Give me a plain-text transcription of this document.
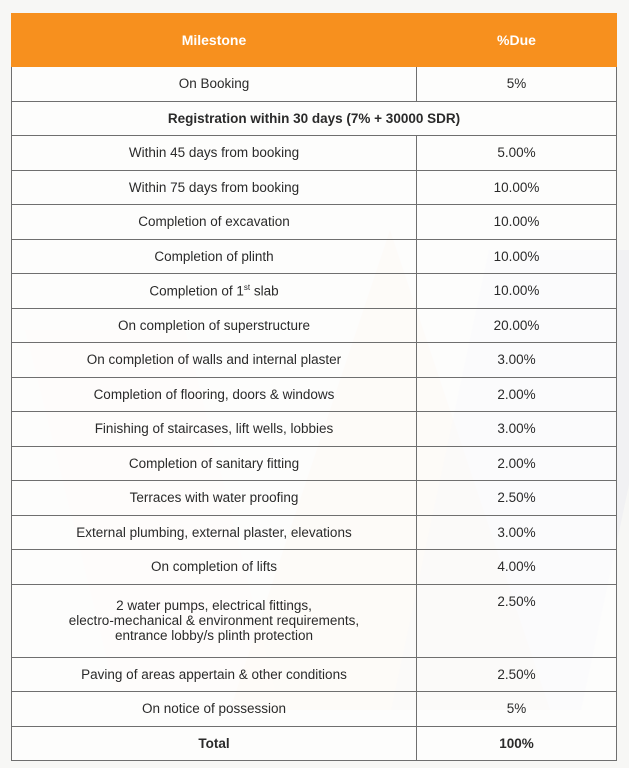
Milestone	%Due
On Booking	5%
Registration within 30 days (7% + 30000 SDR)	
Within 45 days from booking	5.00%
Within 75 days from booking	10.00%
Completion of excavation	10.00%
Completion of plinth	10.00%
Completion of 1st slab	10.00%
On completion of superstructure	20.00%
On completion of walls and internal plaster	3.00%
Completion of flooring, doors & windows	2.00%
Finishing of staircases, lift wells, lobbies	3.00%
Completion of sanitary fitting	2.00%
Terraces with water proofing	2.50%
External plumbing, external plaster, elevations	3.00%
On completion of lifts	4.00%

2 water pumps, electrical fittings,
electro-mechanical & environment requirements,
entrance lobby/s plinth protection	2.50%
Paving of areas appertain & other conditions	2.50%
On notice of possession	5%
Total	100%
